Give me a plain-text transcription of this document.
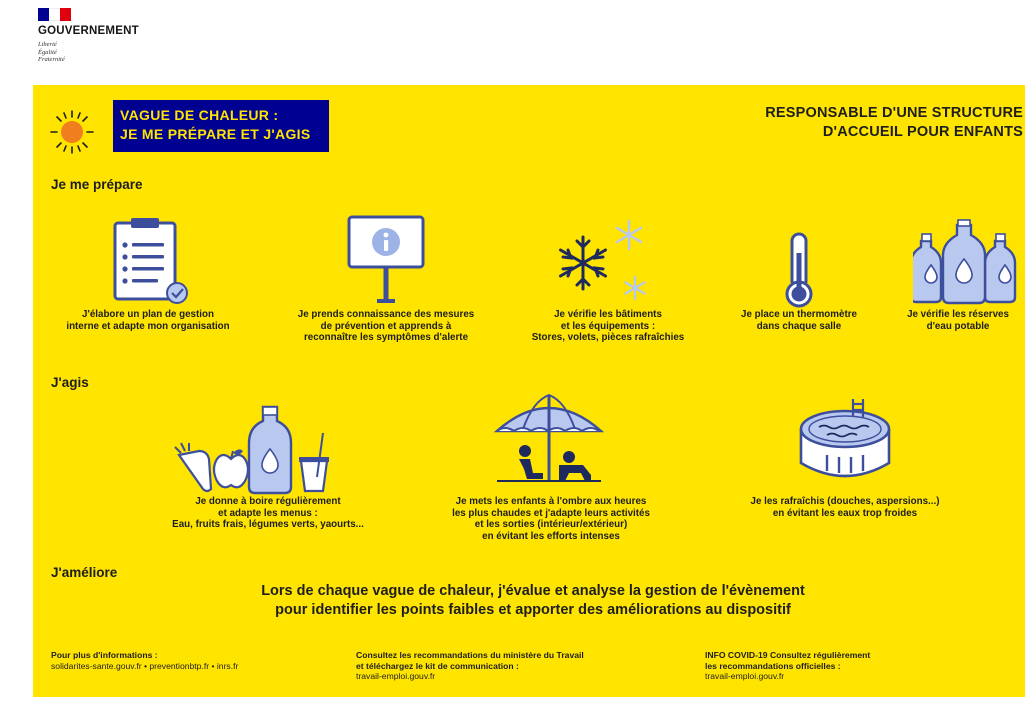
GOUVERNEMENT
Liberté
Égalité
Fraternité
VAGUE DE CHALEUR :
JE ME PRÉPARE ET J'AGIS
RESPONSABLE D'UNE STRUCTURE
D'ACCUEIL POUR ENFANTS
Je me prépare
J'élabore un plan de gestion
interne et adapte mon organisation
Je prends connaissance des mesures
de prévention et apprends à
reconnaître les symptômes d'alerte
Je vérifie les bâtiments
et les équipements :
Stores, volets, pièces rafraîchies
Je place un thermomètre
dans chaque salle
Je vérifie les réserves
d'eau potable
J'agis
Je donne à boire régulièrement
et adapte les menus :
Eau, fruits frais, légumes verts, yaourts...
Je mets les enfants à l'ombre aux heures
les plus chaudes et j'adapte leurs activités
et les sorties (intérieur/extérieur)
en évitant les efforts intenses
Je les rafraîchis (douches, aspersions...)
en évitant les eaux trop froides
J'améliore
Lors de chaque vague de chaleur, j'évalue et analyse la gestion de l'évènement
pour identifier les points faibles et apporter des améliorations au dispositif
Pour plus d'informations :
solidarites-sante.gouv.fr • preventionbtp.fr • inrs.fr
Consultez les recommandations du ministère du Travail
et téléchargez le kit de communication :
travail-emploi.gouv.fr
INFO COVID-19 Consultez régulièrement
les recommandations officielles :
travail-emploi.gouv.fr
